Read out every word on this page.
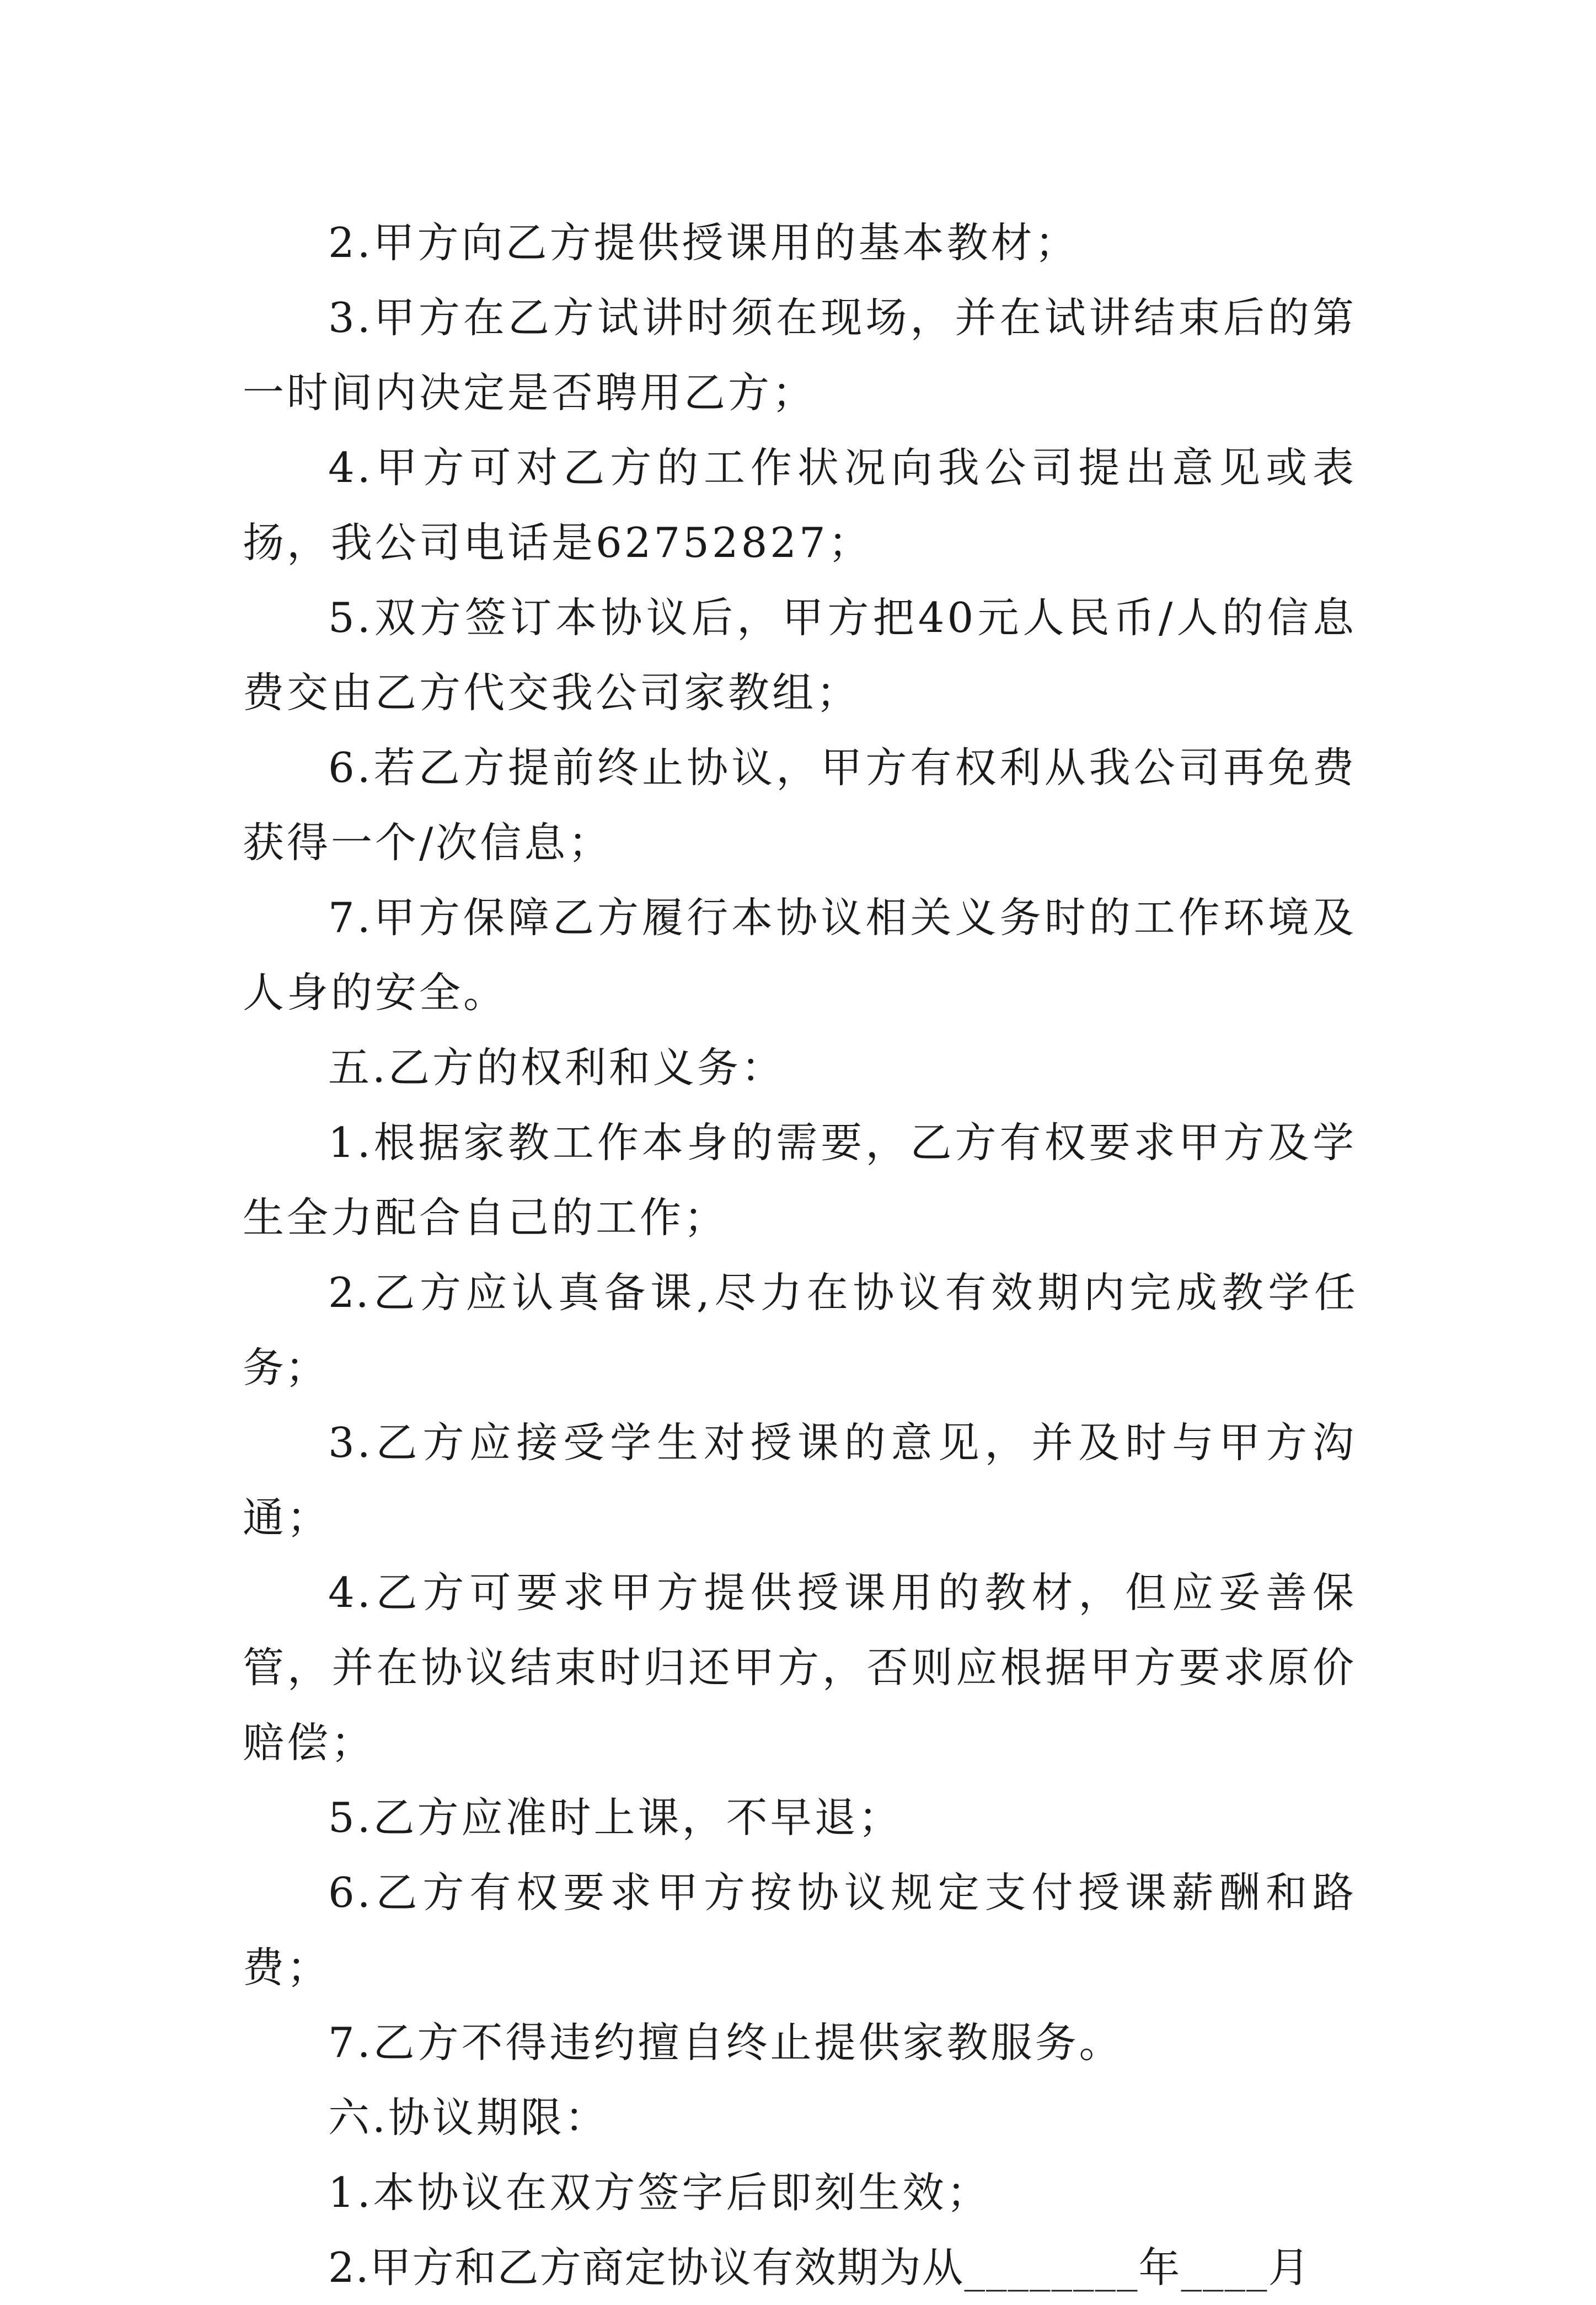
2.甲方向乙方提供授课用的基本教材；

3.甲方在乙方试讲时须在现场，并在试讲结束后的第一时间内决定是否聘用乙方；

4.甲方可对乙方的工作状况向我公司提出意见或表扬，我公司电话是62752827；

5.双方签订本协议后，甲方把40元人民币/人的信息费交由乙方代交我公司家教组；

6.若乙方提前终止协议，甲方有权利从我公司再免费获得一个/次信息；

7.甲方保障乙方履行本协议相关义务时的工作环境及人身的安全。

五.乙方的权利和义务：

1.根据家教工作本身的需要，乙方有权要求甲方及学生全力配合自己的工作；

2.乙方应认真备课,尽力在协议有效期内完成教学任务；

3.乙方应接受学生对授课的意见，并及时与甲方沟通；

4.乙方可要求甲方提供授课用的教材，但应妥善保管，并在协议结束时归还甲方，否则应根据甲方要求原价赔偿；

5.乙方应准时上课，不早退；

6.乙方有权要求甲方按协议规定支付授课薪酬和路费；

7.乙方不得违约擅自终止提供家教服务。

六.协议期限：

1.本协议在双方签字后即刻生效；

2.甲方和乙方商定协议有效期为从________年____月
